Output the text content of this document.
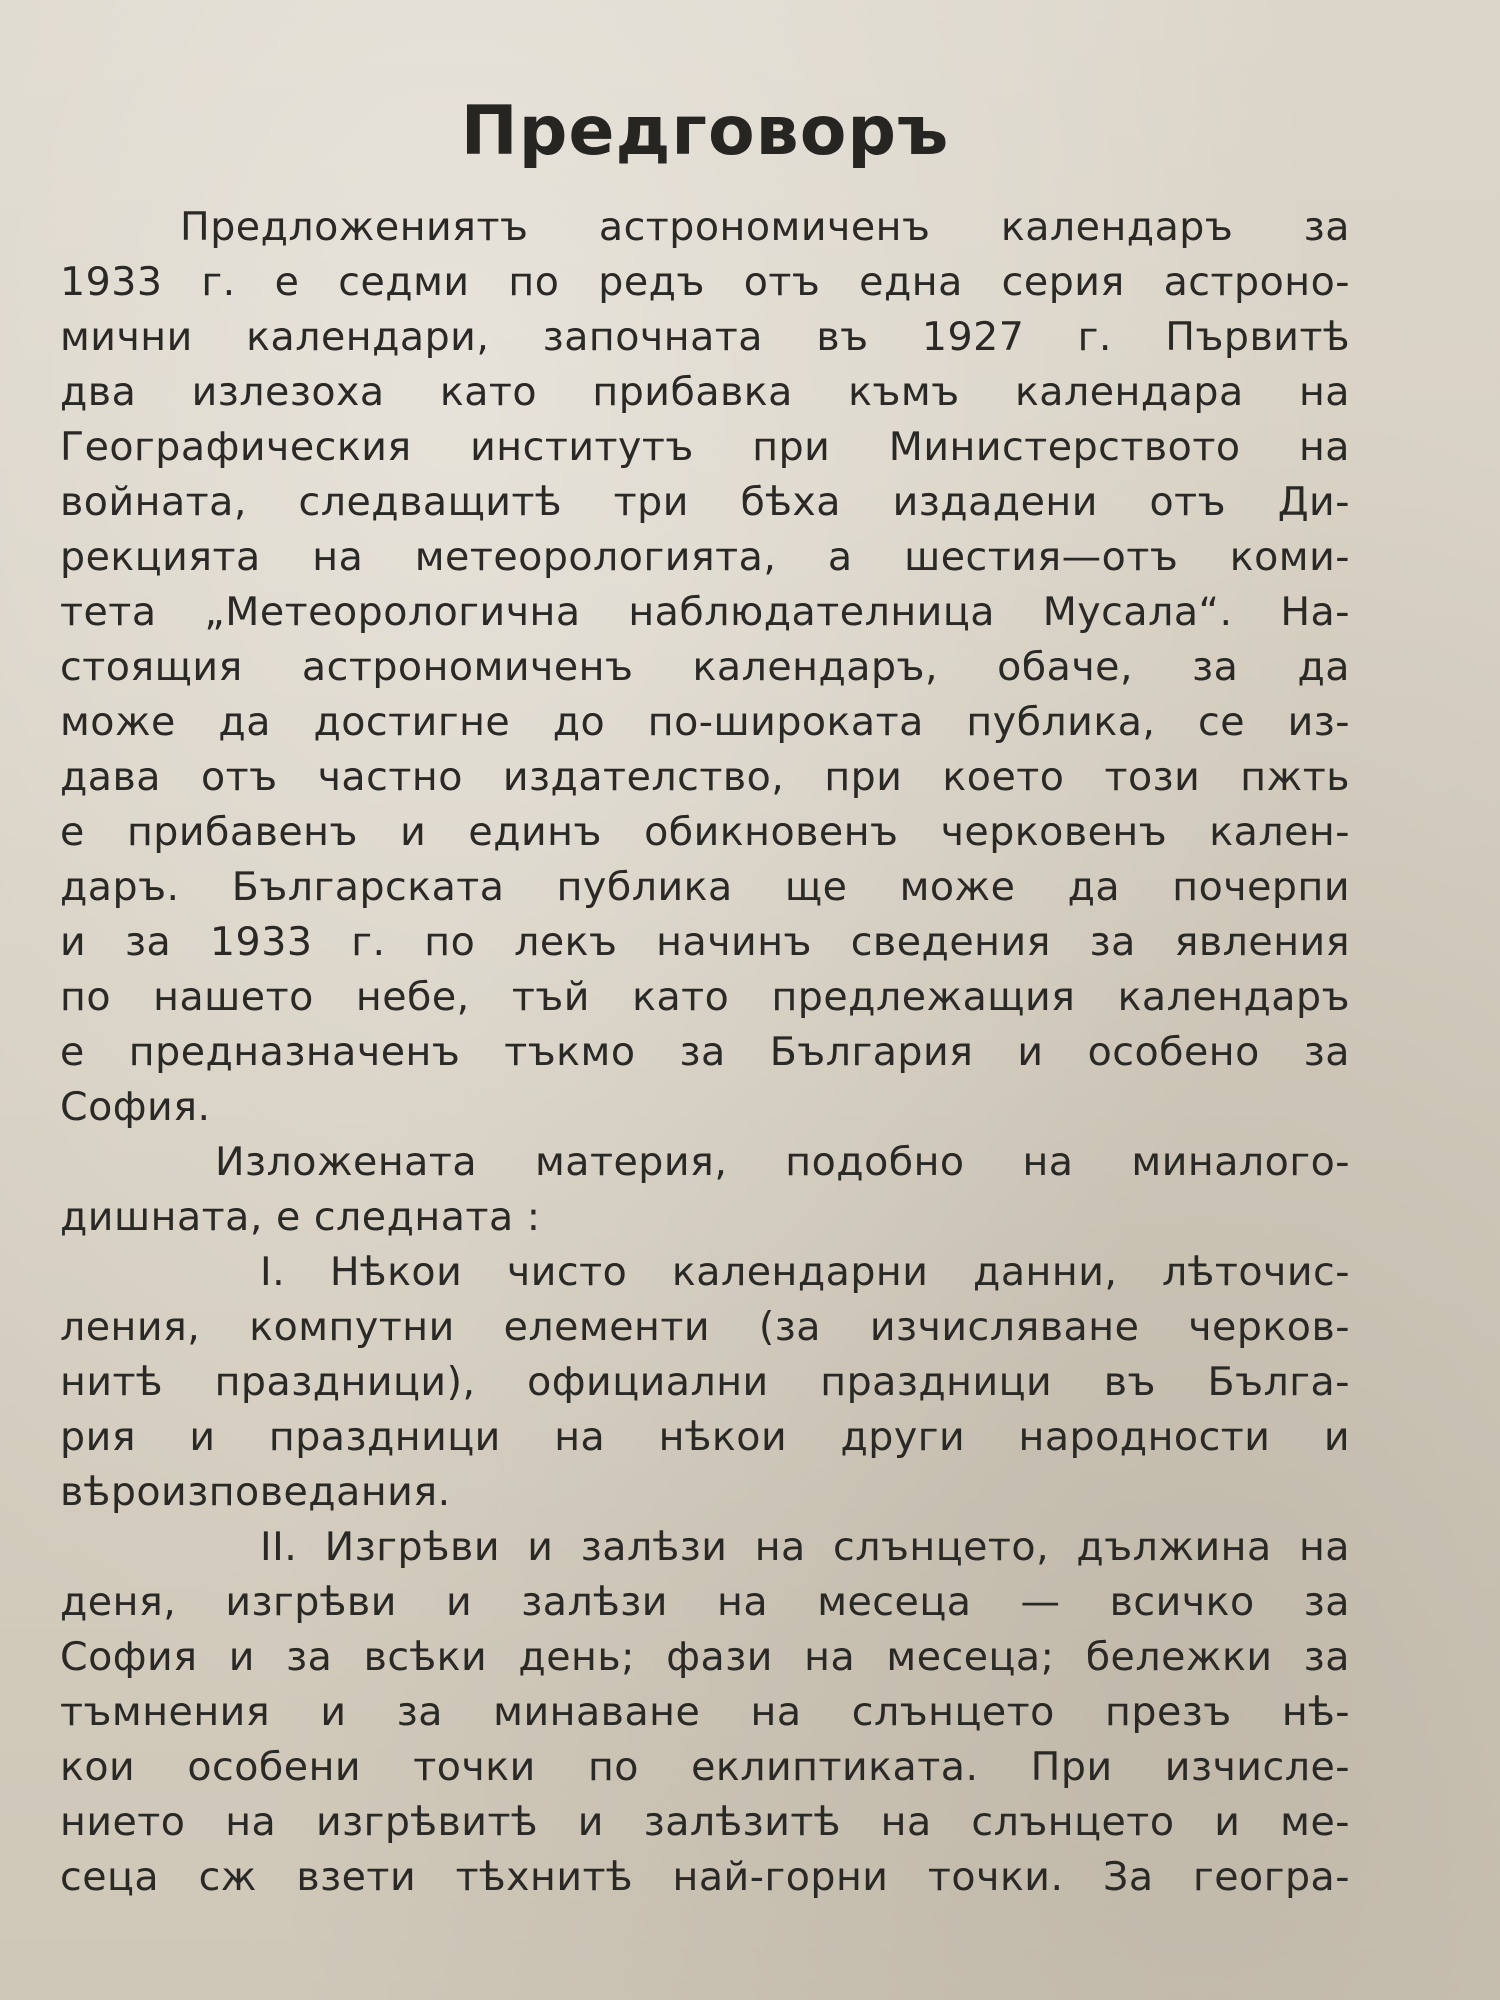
Предговоръ
Предложениятъ астрономиченъ календаръ за
1933 г. е седми по редъ отъ една серия астроно-
мични календари, започната въ 1927 г. Първитѣ
два излезоха като прибавка къмъ календара на
Географическия институтъ при Министерството на
войната, следващитѣ три бѣха издадени отъ Ди-
рекцията на метеорологията, а шестия—отъ коми-
тета „Метеорологична наблюдателница Мусала“. На-
стоящия астрономиченъ календаръ, обаче, за да
може да достигне до по-широката публика, се из-
дава отъ частно издателство, при което този пжть
е прибавенъ и единъ обикновенъ черковенъ кален-
даръ. Българската публика ще може да почерпи
и за 1933 г. по лекъ начинъ сведения за явления
по нашето небе, тъй като предлежащия календаръ
е предназначенъ тъкмо за България и особено за
София.
Изложената материя, подобно на миналого-
дишната, е следната :
I. Нѣкои чисто календарни данни, лѣточис-
ления, компутни елементи (за изчисляване черков-
нитѣ праздници), официални праздници въ Бълга-
рия и праздници на нѣкои други народности и
вѣроизповедания.
II. Изгрѣви и залѣзи на слънцето, дължина на
деня, изгрѣви и залѣзи на месеца — всичко за
София и за всѣки день; фази на месеца; бележки за
тъмнения и за минаване на слънцето презъ нѣ-
кои особени точки по еклиптиката. При изчисле-
нието на изгрѣвитѣ и залѣзитѣ на слънцето и ме-
сеца сж взети тѣхнитѣ най-горни точки. За геогра-
